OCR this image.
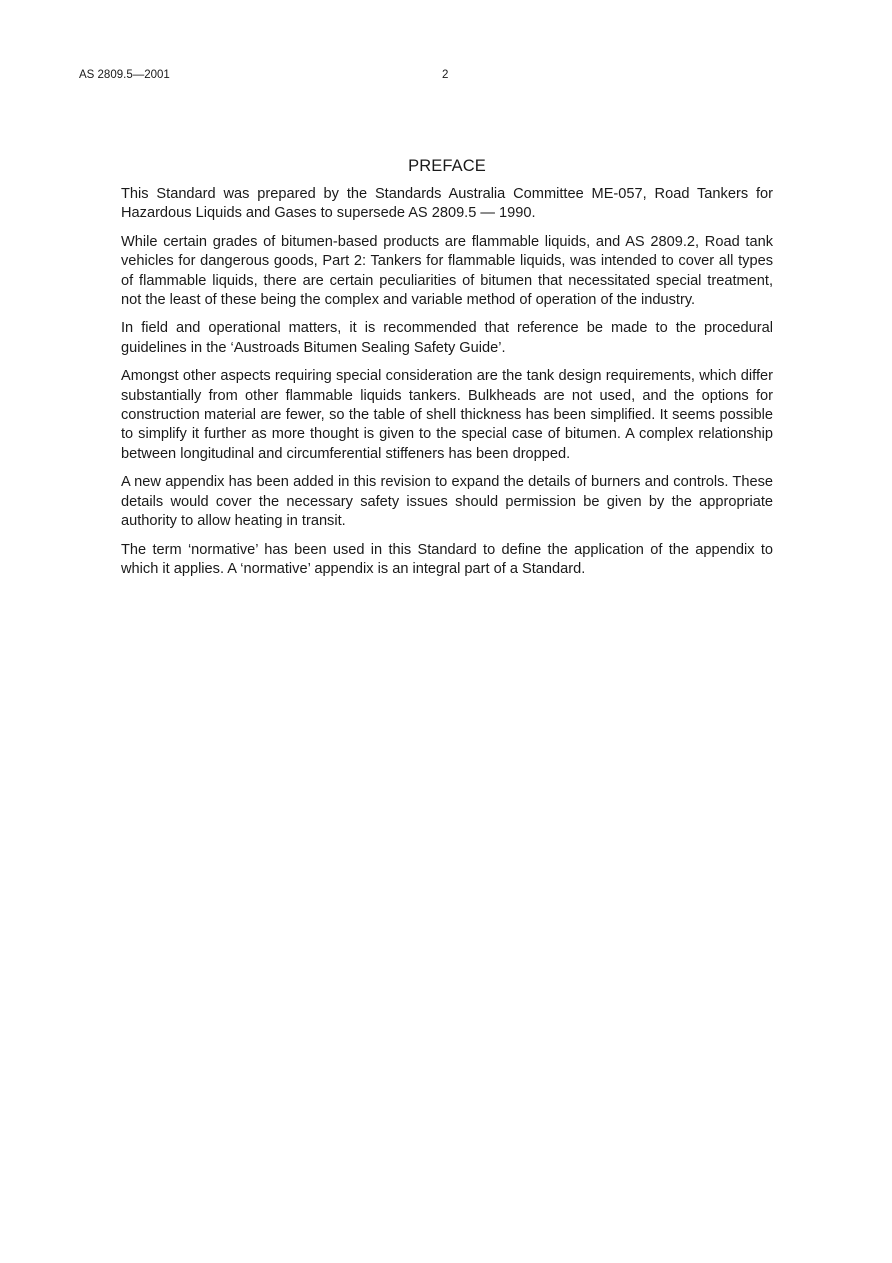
AS 2809.5—2001	2
PREFACE

This Standard was prepared by the Standards Australia Committee ME-057, Road Tankers for Hazardous Liquids and Gases to supersede AS 2809.5 — 1990.

While certain grades of bitumen-based products are flammable liquids, and AS 2809.2, Road tank vehicles for dangerous goods, Part 2: Tankers for flammable liquids, was intended to cover all types of flammable liquids, there are certain peculiarities of bitumen that necessitated special treatment, not the least of these being the complex and variable method of operation of the industry.

In field and operational matters, it is recommended that reference be made to the procedural guidelines in the ‘Austroads Bitumen Sealing Safety Guide’.

Amongst other aspects requiring special consideration are the tank design requirements, which differ substantially from other flammable liquids tankers. Bulkheads are not used, and the options for construction material are fewer, so the table of shell thickness has been simplified. It seems possible to simplify it further as more thought is given to the special case of bitumen. A complex relationship between longitudinal and circumferential stiffeners has been dropped.

A new appendix has been added in this revision to expand the details of burners and controls. These details would cover the necessary safety issues should permission be given by the appropriate authority to allow heating in transit.

The term ‘normative’ has been used in this Standard to define the application of the appendix to which it applies. A ‘normative’ appendix is an integral part of a Standard.
